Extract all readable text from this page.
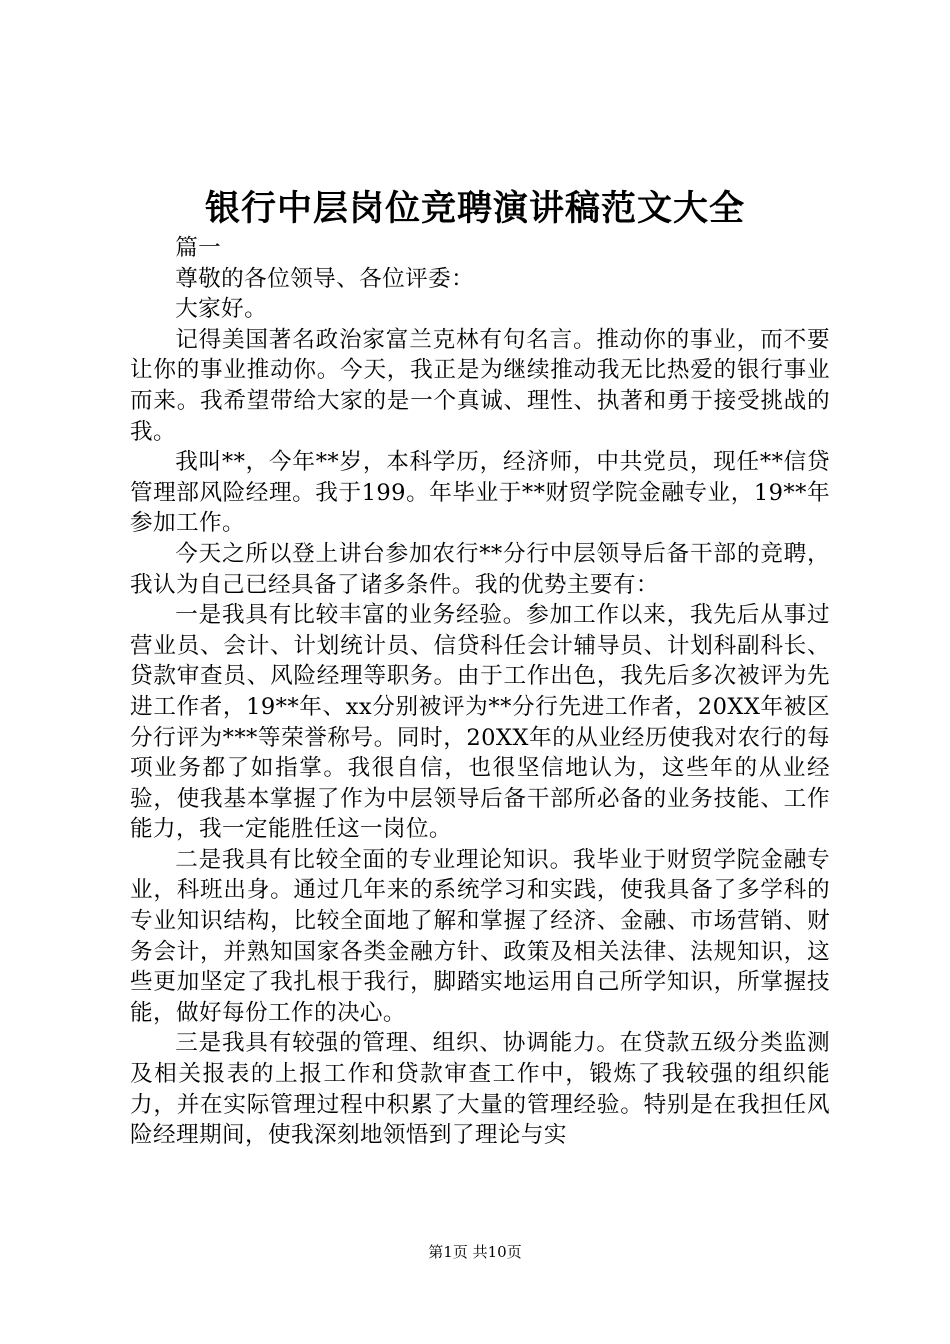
银行中层岗位竞聘演讲稿范文大全

篇一

尊敬的各位领导、各位评委：

大家好。

记得美国著名政治家富兰克林有句名言。推动你的事业，而不要让你的事业推动你。今天，我正是为继续推动我无比热爱的银行事业而来。我希望带给大家的是一个真诚、理性、执著和勇于接受挑战的我。

我叫**，今年**岁，本科学历，经济师，中共党员，现任**信贷管理部风险经理。我于199。年毕业于**财贸学院金融专业，19**年参加工作。

今天之所以登上讲台参加农行**分行中层领导后备干部的竞聘，我认为自己已经具备了诸多条件。我的优势主要有：

一是我具有比较丰富的业务经验。参加工作以来，我先后从事过营业员、会计、计划统计员、信贷科任会计辅导员、计划科副科长、贷款审查员、风险经理等职务。由于工作出色，我先后多次被评为先进工作者，19**年、xx分别被评为**分行先进工作者，20XX年被区分行评为***等荣誉称号。同时，20XX年的从业经历使我对农行的每项业务都了如指掌。我很自信，也很坚信地认为，这些年的从业经验，使我基本掌握了作为中层领导后备干部所必备的业务技能、工作能力，我一定能胜任这一岗位。

二是我具有比较全面的专业理论知识。我毕业于财贸学院金融专业，科班出身。通过几年来的系统学习和实践，使我具备了多学科的专业知识结构，比较全面地了解和掌握了经济、金融、市场营销、财务会计，并熟知国家各类金融方针、政策及相关法律、法规知识，这些更加坚定了我扎根于我行，脚踏实地运用自己所学知识，所掌握技能，做好每份工作的决心。

三是我具有较强的管理、组织、协调能力。在贷款五级分类监测及相关报表的上报工作和贷款审查工作中，锻炼了我较强的组织能力，并在实际管理过程中积累了大量的管理经验。特别是在我担任风险经理期间，使我深刻地领悟到了理论与实

第1页 共10页
